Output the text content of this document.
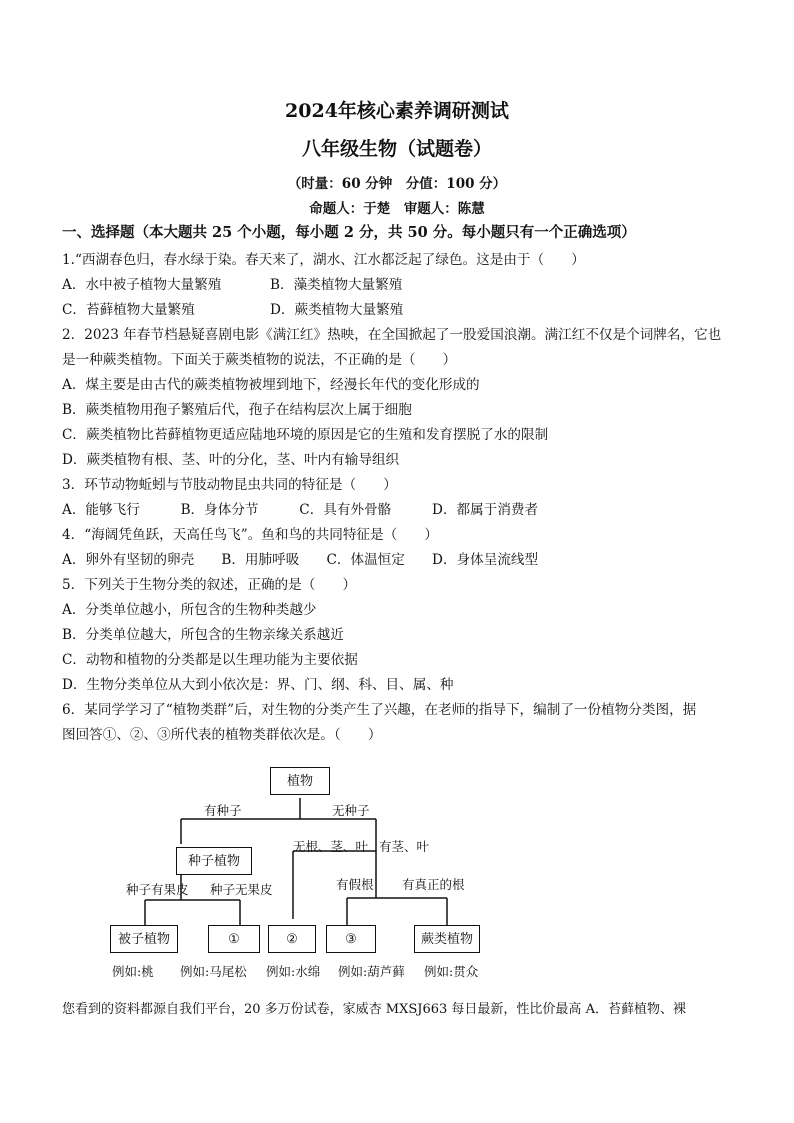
2024年核心素养调研测试
八年级生物（试题卷）
（时量：60 分钟　分值：100 分）
命题人：于楚　审题人：陈慧
一、选择题（本大题共 25 个小题，每小题 2 分，共 50 分。每小题只有一个正确选项）
1.“西湖春色归，春水绿于染。春天来了，湖水、江水都泛起了绿色。这是由于（　　）
A．水中被子植物大量繁殖	B．藻类植物大量繁殖
C．苔藓植物大量繁殖	D．蕨类植物大量繁殖
2．2023 年春节档悬疑喜剧电影《满江红》热映，在全国掀起了一股爱国浪潮。满江红不仅是个词牌名，它也
是一种蕨类植物。下面关于蕨类植物的说法，不正确的是（　　）
A．煤主要是由古代的蕨类植物被埋到地下，经漫长年代的变化形成的
B．蕨类植物用孢子繁殖后代，孢子在结构层次上属于细胞
C．蕨类植物比苔藓植物更适应陆地环境的原因是它的生殖和发育摆脱了水的限制
D．蕨类植物有根、茎、叶的分化，茎、叶内有输导组织
3．环节动物蚯蚓与节肢动物昆虫共同的特征是（　　）
A．能够飞行　　　B．身体分节　　　C．具有外骨骼　　　D．都属于消费者
4．“海阔凭鱼跃，天高任鸟飞”。鱼和鸟的共同特征是（　　）
A．卵外有坚韧的卵壳　　B．用肺呼吸　　C．体温恒定　　D．身体呈流线型
5．下列关于生物分类的叙述，正确的是（　　）
A．分类单位越小，所包含的生物种类越少
B．分类单位越大，所包含的生物亲缘关系越近
C．动物和植物的分类都是以生理功能为主要依据
D．生物分类单位从大到小依次是：界、门、纲、科、目、属、种
6．某同学学习了“植物类群”后，对生物的分类产生了兴趣，在老师的指导下，编制了一份植物分类图，据
图回答①、②、③所代表的植物类群依次是。（　　）
植物
有种子	无种子
种子植物
无根、茎、叶 有茎、叶
种子有果皮 种子无果皮	有假根 有真正的根
被子植物	①	②	③	蕨类植物
例如:桃 例如:马尾松 例如:水绵 例如:葫芦藓 例如:贯众
您看到的资料都源自我们平台，20 多万份试卷，家威杏 MXSJ663 每日最新，性比价最高 A．苔藓植物、裸
